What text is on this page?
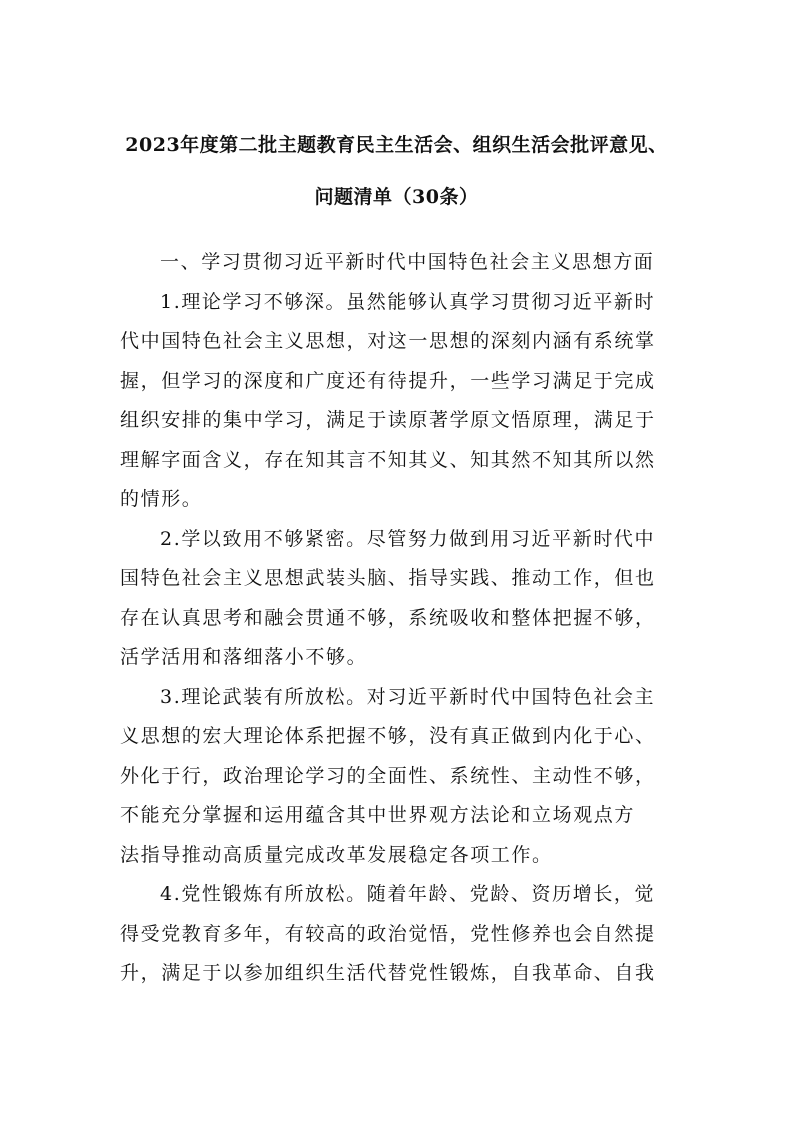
2023年度第二批主题教育民主生活会、组织生活会批评意见、
问题清单（30条）

一、学习贯彻习近平新时代中国特色社会主义思想方面

1.理论学习不够深。虽然能够认真学习贯彻习近平新时
代中国特色社会主义思想，对这一思想的深刻内涵有系统掌
握，但学习的深度和广度还有待提升，一些学习满足于完成
组织安排的集中学习，满足于读原著学原文悟原理，满足于
理解字面含义，存在知其言不知其义、知其然不知其所以然
的情形。

2.学以致用不够紧密。尽管努力做到用习近平新时代中
国特色社会主义思想武装头脑、指导实践、推动工作，但也
存在认真思考和融会贯通不够，系统吸收和整体把握不够，
活学活用和落细落小不够。

3.理论武装有所放松。对习近平新时代中国特色社会主
义思想的宏大理论体系把握不够，没有真正做到内化于心、
外化于行，政治理论学习的全面性、系统性、主动性不够，
不能充分掌握和运用蕴含其中世界观方法论和立场观点方
法指导推动高质量完成改革发展稳定各项工作。

4.党性锻炼有所放松。随着年龄、党龄、资历增长，觉
得受党教育多年，有较高的政治觉悟，党性修养也会自然提
升，满足于以参加组织生活代替党性锻炼，自我革命、自我
